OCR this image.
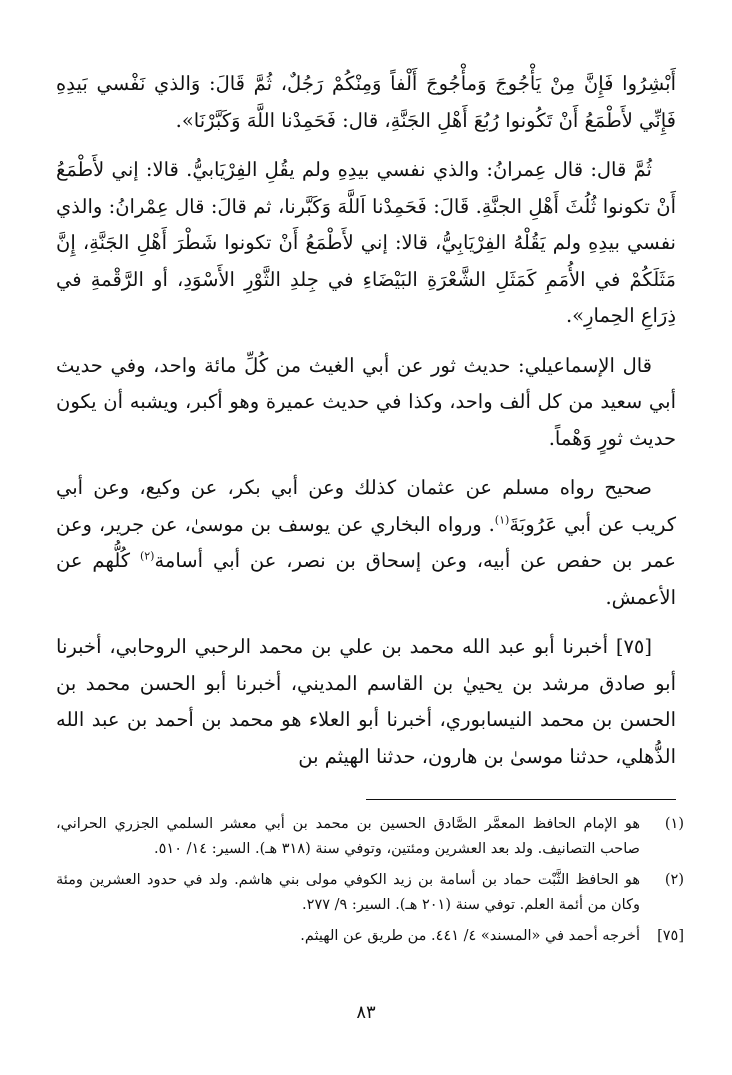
أَبْشِرُوا فَإِنَّ مِنْ يَأْجُوجَ وَمأْجُوجَ أَلْفاً وَمِنْكُمْ رَجُلٌ، ثُمَّ قَالَ: وَالذي نَفْسي بَيدِهِ فَإِنِّي لأَطْمَعُ أَنْ تَكُونوا رُبُعَ أَهْلِ الجَنَّةِ، قال: فَحَمِدْنا اللَّهَ وَكَبَّرْنَا».

ثُمَّ قال: قال عِمرانُ: والذي نفسي بيدِهِ ولم يقُلِ الفِرْيَابيُّ. قالا: إني لأَطْمَعُ أَنْ تكونوا ثُلُثَ أَهْلِ الجنَّةِ. قَالَ: فَحَمِدْنا اَللَّهَ وَكَبَّرنا، ثم قالَ: قال عِمْرانُ: والذي نفسي بيدِهِ ولم يَقُلْهُ الفِرْيَابِيُّ، قالا: إني لأَطْمَعُ أَنْ تكونوا شَطْرَ أَهْلِ الجَنَّةِ، إِنَّ مَثَلَكُمْ في الأُمَمِ كَمَثَلِ الشَّعْرَةِ البَيْضَاءِ في جِلدِ الثَّوْرِ الأَسْوَدِ، أو الرَّقْمةِ في ذِرَاعِ الحِمارِ».

قال الإسماعيلي: حديث ثور عن أبي الغيث من كُلِّ مائة واحد، وفي حديث أبي سعيد من كل ألف واحد، وكذا في حديث عميرة وهو أكبر، ويشبه أن يكون حديث ثورٍ وَهْماً.

صحيح رواه مسلم عن عثمان كذلك وعن أبي بكر، عن وكيع، وعن أبي كريب عن أبي عَرُوبَةَ$^{(١)}$. ورواه البخاري عن يوسف بن موسىٰ، عن جرير، وعن عمر بن حفص عن أبيه، وعن إسحاق بن نصر، عن أبي أسامة$^{(٢)}$ كُلُّهم عن الأعمش.

[٧٥] أخبرنا أبو عبد الله محمد بن علي بن محمد الرحبي الروحابي، أخبرنا أبو صادق مرشد بن يحييٰ بن القاسم المديني، أخبرنا أبو الحسن محمد بن الحسن بن محمد النيسابوري، أخبرنا أبو العلاء هو محمد بن أحمد بن عبد الله الذُّهلي، حدثنا موسىٰ بن هارون، حدثنا الهيثم بن

(١)
هو الإمام الحافظ المعمَّر الصَّادق الحسين بن محمد بن أبي معشر السلمي الجزري الحراني، صاحب التصانيف. ولد بعد العشرين ومئتين، وتوفي سنة (٣١٨ هـ). السير: ١٤/ ٥١٠.
(٢)
هو الحافظ الثَّبْت حماد بن أسامة بن زيد الكوفي مولى بني هاشم. ولد في حدود العشرين ومئة وكان من أئمة العلم. توفي سنة (٢٠١ هـ). السير: ٩/ ٢٧٧.
[٧٥]
أخرجه أحمد في «المسند» ٤/ ٤٤١. من طريق عن الهيثم.
٨٣
